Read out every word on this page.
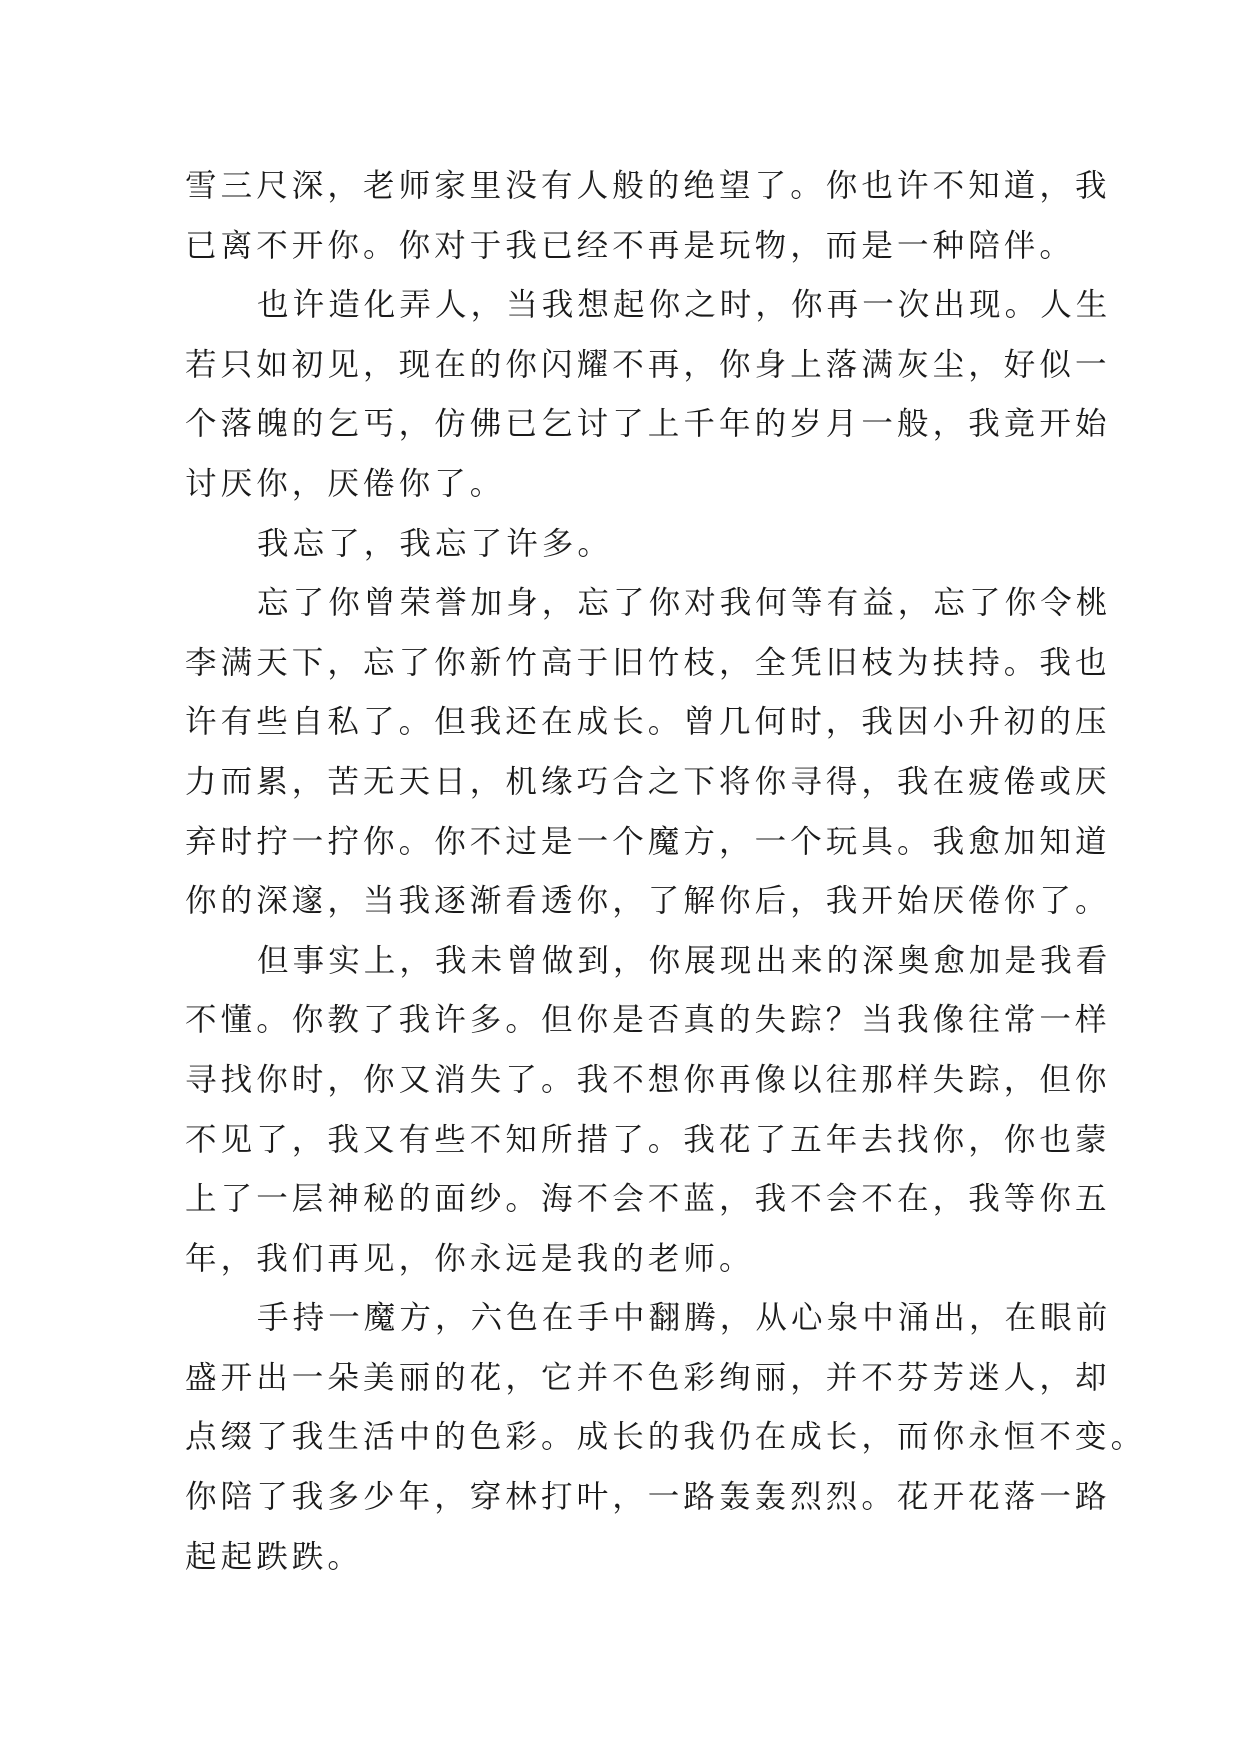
雪三尺深，老师家里没有人般的绝望了。你也许不知道，我
已离不开你。你对于我已经不再是玩物，而是一种陪伴。
也许造化弄人，当我想起你之时，你再一次出现。人生
若只如初见，现在的你闪耀不再，你身上落满灰尘，好似一
个落魄的乞丐，仿佛已乞讨了上千年的岁月一般，我竟开始
讨厌你，厌倦你了。
我忘了，我忘了许多。
忘了你曾荣誉加身，忘了你对我何等有益，忘了你令桃
李满天下，忘了你新竹高于旧竹枝，全凭旧枝为扶持。我也
许有些自私了。但我还在成长。曾几何时，我因小升初的压
力而累，苦无天日，机缘巧合之下将你寻得，我在疲倦或厌
弃时拧一拧你。你不过是一个魔方，一个玩具。我愈加知道
你的深邃，当我逐渐看透你，了解你后，我开始厌倦你了。
但事实上，我未曾做到，你展现出来的深奥愈加是我看
不懂。你教了我许多。但你是否真的失踪？当我像往常一样
寻找你时，你又消失了。我不想你再像以往那样失踪，但你
不见了，我又有些不知所措了。我花了五年去找你，你也蒙
上了一层神秘的面纱。海不会不蓝，我不会不在，我等你五
年，我们再见，你永远是我的老师。
手持一魔方，六色在手中翻腾，从心泉中涌出，在眼前
盛开出一朵美丽的花，它并不色彩绚丽，并不芬芳迷人，却
点缀了我生活中的色彩。成长的我仍在成长，而你永恒不变。
你陪了我多少年，穿林打叶，一路轰轰烈烈。花开花落一路
起起跌跌。
